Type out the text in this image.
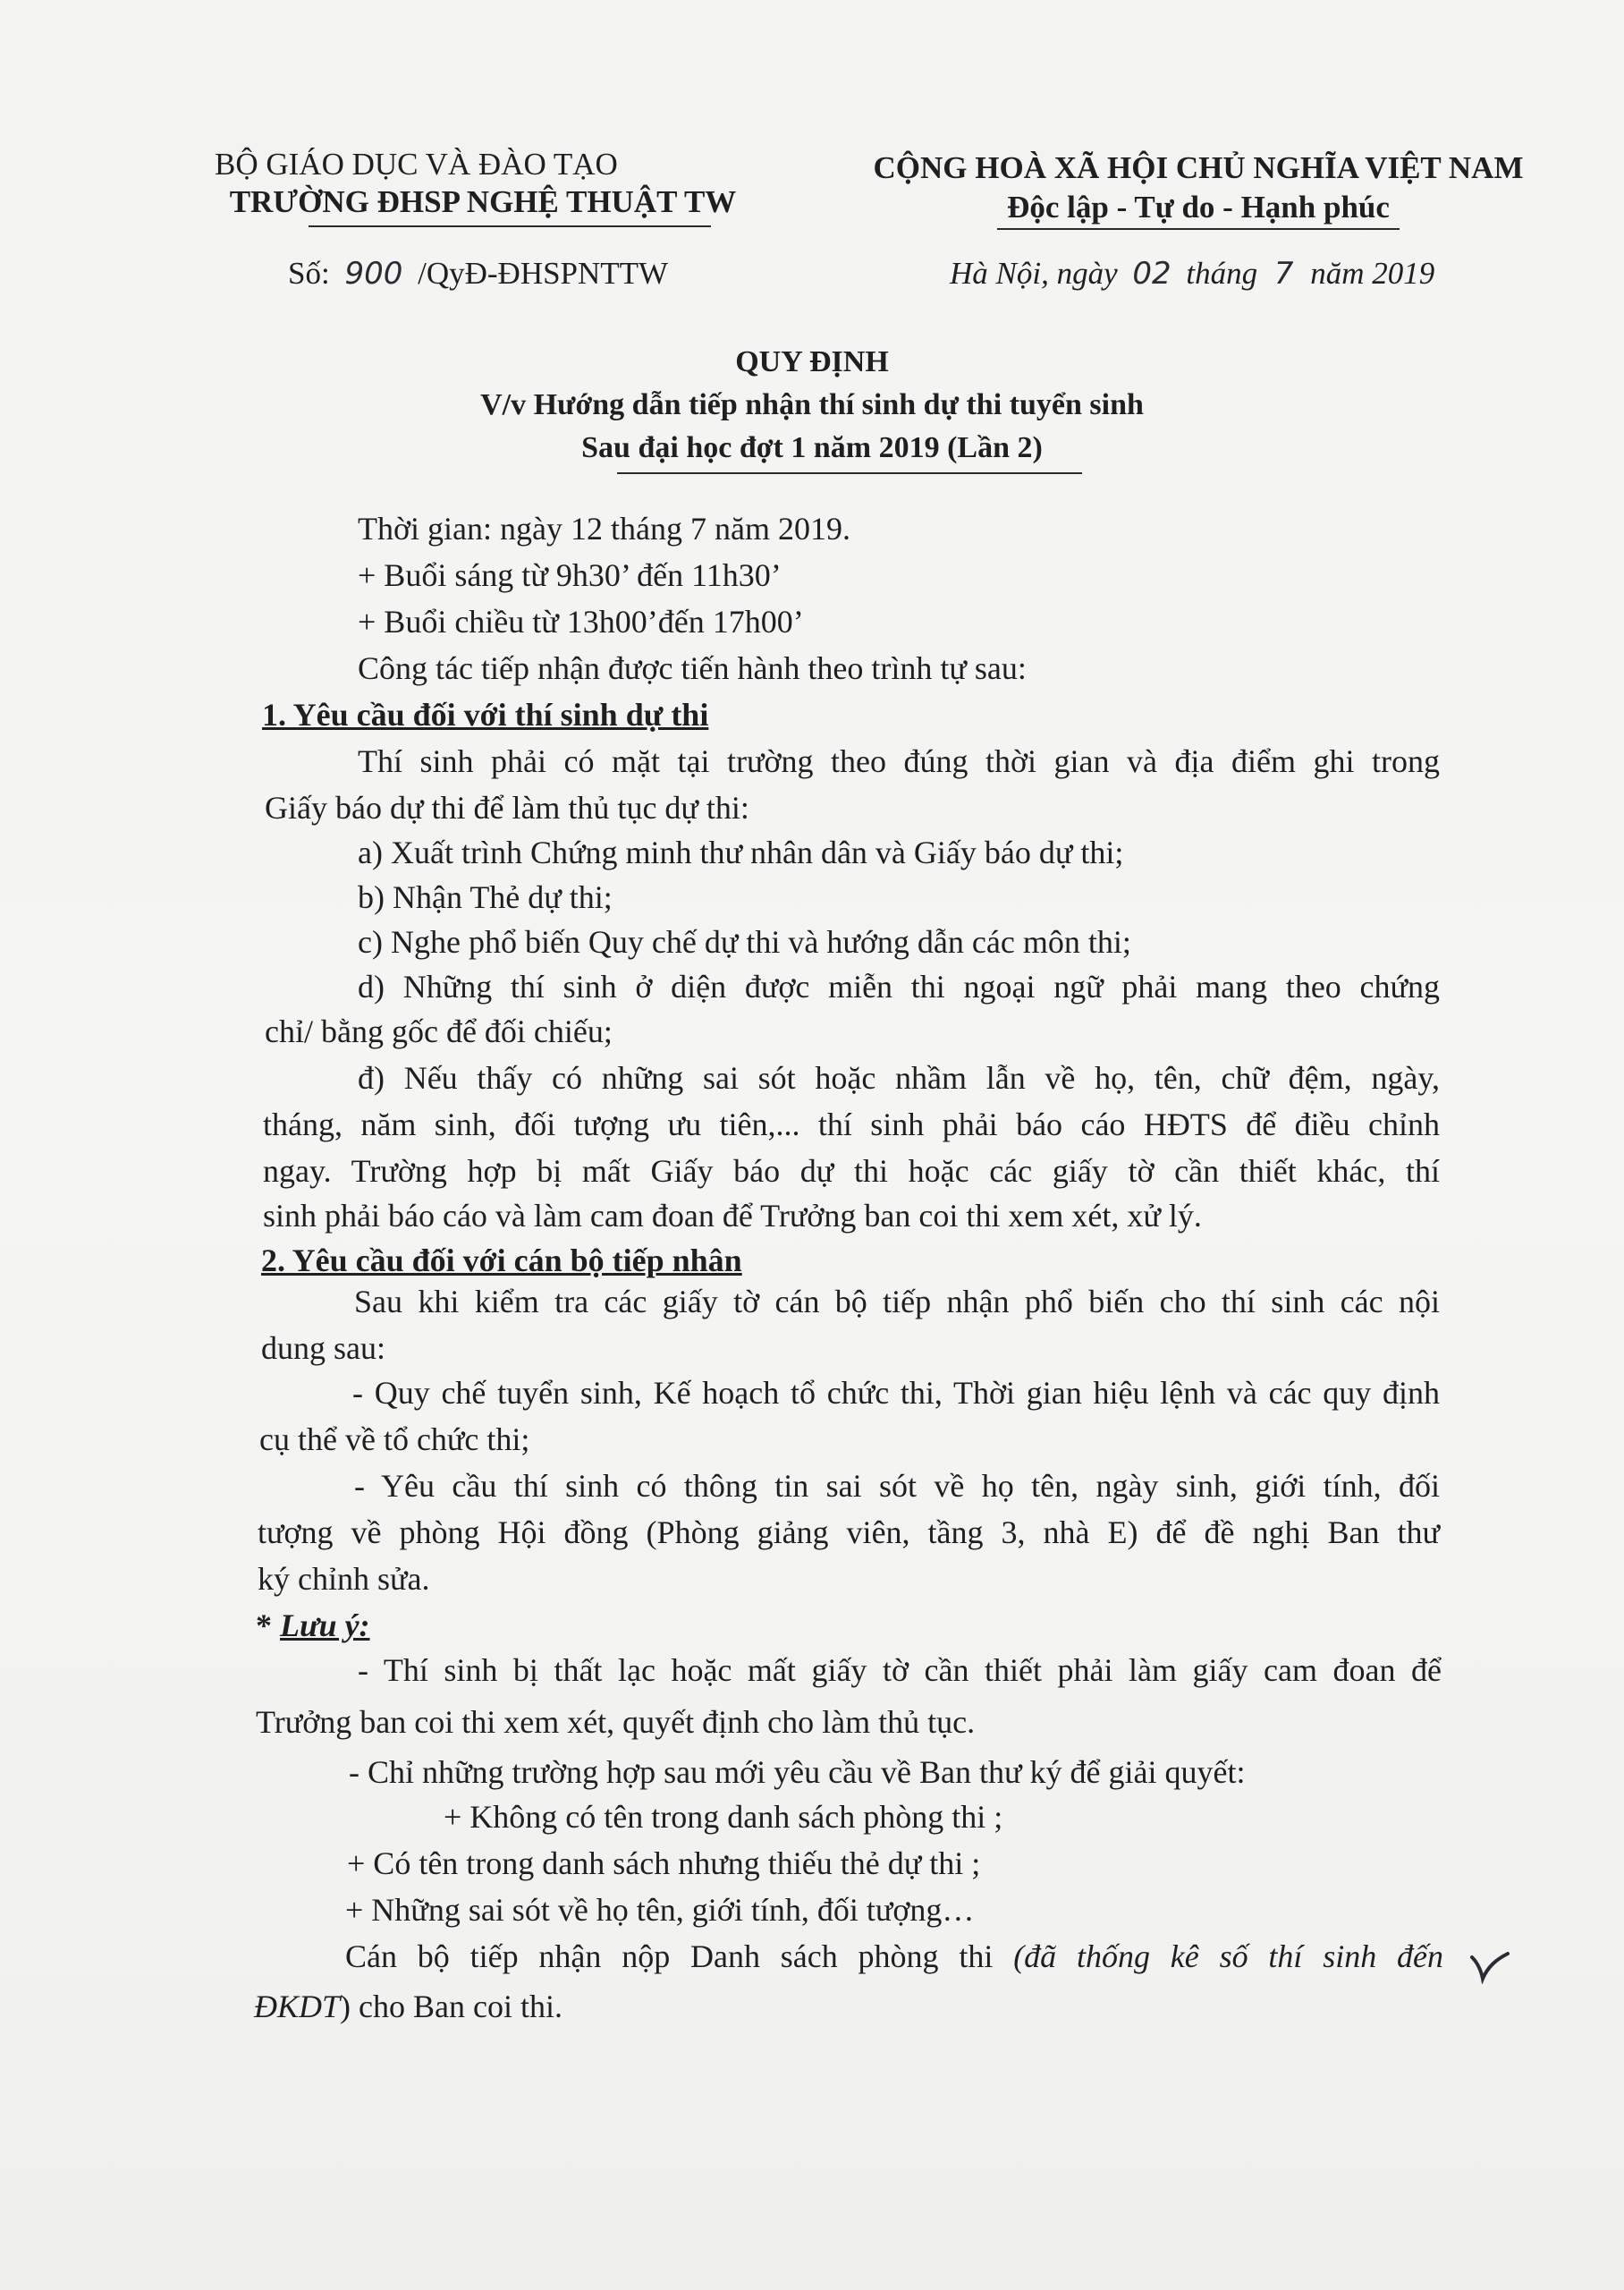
BỘ GIÁO DỤC VÀ ĐÀO TẠO
TRƯỜNG ĐHSP NGHỆ THUẬT TW
Số: 900 /QyĐ-ĐHSPNTTW
CỘNG HOÀ XÃ HỘI CHỦ NGHĨA VIỆT NAM
Độc lập - Tự do - Hạnh phúc
Hà Nội, ngày 02 tháng 7 năm 2019
QUY ĐỊNH
V/v Hướng dẫn tiếp nhận thí sinh dự thi tuyển sinh
Sau đại học đợt 1 năm 2019 (Lần 2)
Thời gian: ngày 12 tháng 7 năm 2019.
+ Buổi sáng từ 9h30’ đến 11h30’
+ Buổi chiều từ 13h00’đến 17h00’
Công tác tiếp nhận được tiến hành theo trình tự sau:
1. Yêu cầu đối với thí sinh dự thi
Thí sinh phải có mặt tại trường theo đúng thời gian và địa điểm ghi trong
Giấy báo dự thi để làm thủ tục dự thi:
a) Xuất trình Chứng minh thư nhân dân và Giấy báo dự thi;
b) Nhận Thẻ dự thi;
c) Nghe phổ biến Quy chế dự thi và hướng dẫn các môn thi;
d) Những thí sinh ở diện được miễn thi ngoại ngữ phải mang theo chứng
chỉ/ bằng gốc để đối chiếu;
đ) Nếu thấy có những sai sót hoặc nhầm lẫn về họ, tên, chữ đệm, ngày,
tháng, năm sinh, đối tượng ưu tiên,... thí sinh phải báo cáo HĐTS để điều chỉnh
ngay. Trường hợp bị mất Giấy báo dự thi hoặc các giấy tờ cần thiết khác, thí
sinh phải báo cáo và làm cam đoan để Trưởng ban coi thi xem xét, xử lý.
2. Yêu cầu đối với cán bộ tiếp nhân
Sau khi kiểm tra các giấy tờ cán bộ tiếp nhận phổ biến cho thí sinh các nội
dung sau:
- Quy chế tuyển sinh, Kế hoạch tổ chức thi, Thời gian hiệu lệnh và các quy định
cụ thể về tổ chức thi;
- Yêu cầu thí sinh có thông tin sai sót về họ tên, ngày sinh, giới tính, đối
tượng về phòng Hội đồng (Phòng giảng viên, tầng 3, nhà E) để đề nghị Ban thư
ký chỉnh sửa.
* Lưu ý:
- Thí sinh bị thất lạc hoặc mất giấy tờ cần thiết phải làm giấy cam đoan để
Trưởng ban coi thi xem xét, quyết định cho làm thủ tục.
- Chỉ những trường hợp sau mới yêu cầu về Ban thư ký để giải quyết:
+ Không có tên trong danh sách phòng thi ;
+ Có tên trong danh sách nhưng thiếu thẻ dự thi ;
+ Những sai sót về họ tên, giới tính, đối tượng…
Cán bộ tiếp nhận nộp Danh sách phòng thi (đã thống kê số thí sinh đến
ĐKDT) cho Ban coi thi.
